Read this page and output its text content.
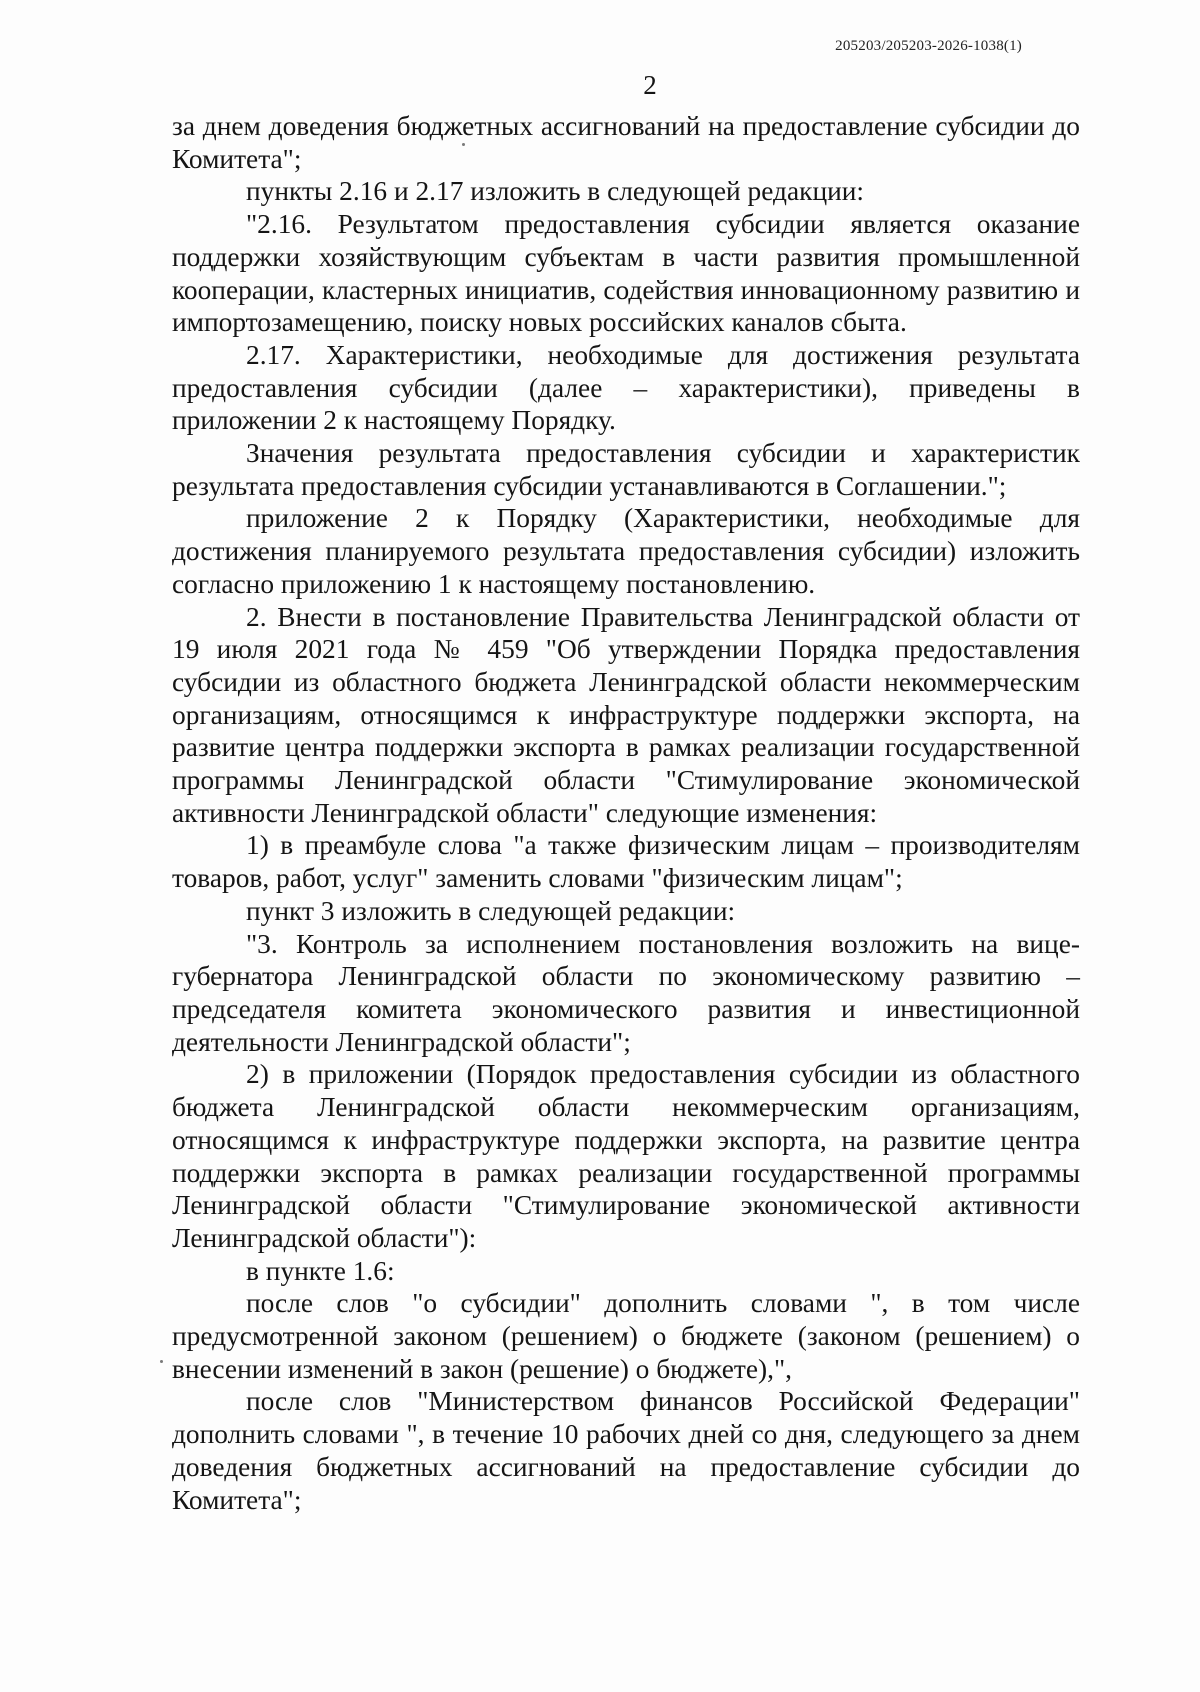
205203/205203-2026-1038(1)
2

за днем доведения бюджетных ассигнований на предоставление субсидии до Комитета";

пункты 2.16 и 2.17 изложить в следующей редакции:

"2.16. Результатом предоставления субсидии является оказание поддержки хозяйствующим субъектам в части развития промышленной кооперации, кластерных инициатив, содействия инновационному развитию и импортозамещению, поиску новых российских каналов сбыта.

2.17. Характеристики, необходимые для достижения результата предоставления субсидии (далее – характеристики), приведены в приложении 2 к настоящему Порядку.

Значения результата предоставления субсидии и характеристик результата предоставления субсидии устанавливаются в Соглашении.";

приложение 2 к Порядку (Характеристики, необходимые для достижения планируемого результата предоставления субсидии) изложить согласно приложению 1 к настоящему постановлению.

2. Внести в постановление Правительства Ленинградской области от 19 июля 2021 года № 459 "Об утверждении Порядка предоставления субсидии из областного бюджета Ленинградской области некоммерческим организациям, относящимся к инфраструктуре поддержки экспорта, на развитие центра поддержки экспорта в рамках реализации государственной программы Ленинградской области "Стимулирование экономической активности Ленинградской области" следующие изменения:

1) в преамбуле слова "а также физическим лицам – производителям товаров, работ, услуг" заменить словами "физическим лицам";

пункт 3 изложить в следующей редакции:

"3. Контроль за исполнением постановления возложить на вице-губернатора Ленинградской области по экономическому развитию – председателя комитета экономического развития и инвестиционной деятельности Ленинградской области";

2) в приложении (Порядок предоставления субсидии из областного бюджета Ленинградской области некоммерческим организациям, относящимся к инфраструктуре поддержки экспорта, на развитие центра поддержки экспорта в рамках реализации государственной программы Ленинградской области "Стимулирование экономической активности Ленинградской области"):

в пункте 1.6:

после слов "о субсидии" дополнить словами ", в том числе предусмотренной законом (решением) о бюджете (законом (решением) о внесении изменений в закон (решение) о бюджете),",

после слов "Министерством финансов Российской Федерации" дополнить словами ", в течение 10 рабочих дней со дня, следующего за днем доведения бюджетных ассигнований на предоставление субсидии до Комитета";
